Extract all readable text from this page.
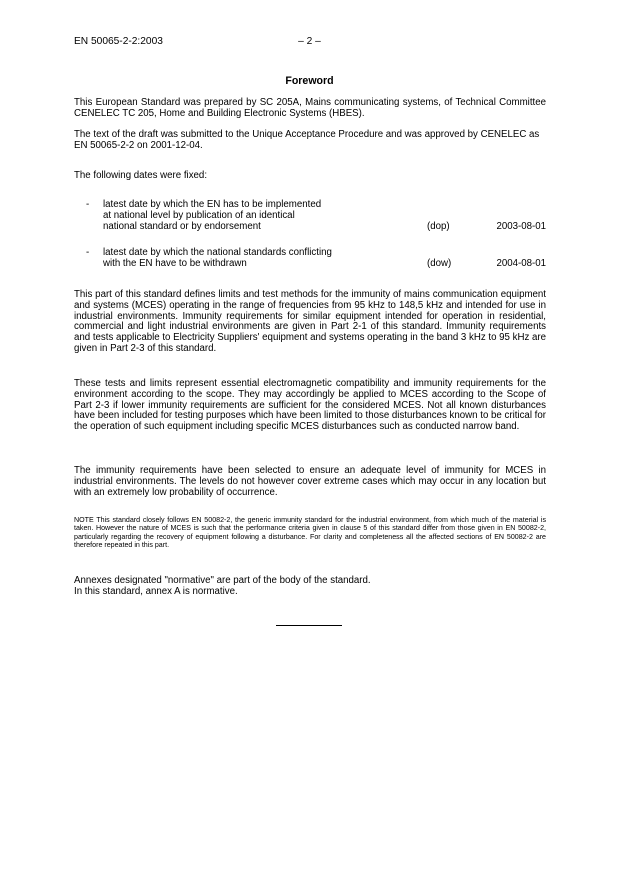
EN 50065-2-2:2003	– 2 –
Foreword
This European Standard was prepared by SC 205A, Mains communicating systems, of Technical Committee CENELEC TC 205, Home and Building Electronic Systems (HBES).
The text of the draft was submitted to the Unique Acceptance Procedure and was approved by CENELEC as EN 50065-2-2 on 2001-12-04.
The following dates were fixed:
- latest date by which the EN has to be implemented
at national level by publication of an identical
national standard or by endorsement	(dop)	2003-08-01
- latest date by which the national standards conflicting
with the EN have to be withdrawn	(dow)	2004-08-01
This part of this standard defines limits and test methods for the immunity of mains communication equipment and systems (MCES) operating in the range of frequencies from 95 kHz to 148,5 kHz and intended for use in industrial environments. Immunity requirements for similar equipment intended for operation in residential, commercial and light industrial environments are given in Part 2-1 of this standard. Immunity requirements and tests applicable to Electricity Suppliers' equipment and systems operating in the band 3 kHz to 95 kHz are given in Part 2-3 of this standard.
These tests and limits represent essential electromagnetic compatibility and immunity requirements for the environment according to the scope. They may accordingly be applied to MCES according to the Scope of Part 2-3 if lower immunity requirements are sufficient for the considered MCES. Not all known disturbances have been included for testing purposes which have been limited to those disturbances known to be critical for the operation of such equipment including specific MCES disturbances such as conducted narrow band.
The immunity requirements have been selected to ensure an adequate level of immunity for MCES in industrial environments. The levels do not however cover extreme cases which may occur in any location but with an extremely low probability of occurrence.
NOTE This standard closely follows EN 50082-2, the generic immunity standard for the industrial environment, from which much of the material is taken. However the nature of MCES is such that the performance criteria given in clause 5 of this standard differ from those given in EN 50082-2, particularly regarding the recovery of equipment following a disturbance. For clarity and completeness all the affected sections of EN 50082-2 are therefore repeated in this part.
Annexes designated "normative" are part of the body of the standard.
In this standard, annex A is normative.
